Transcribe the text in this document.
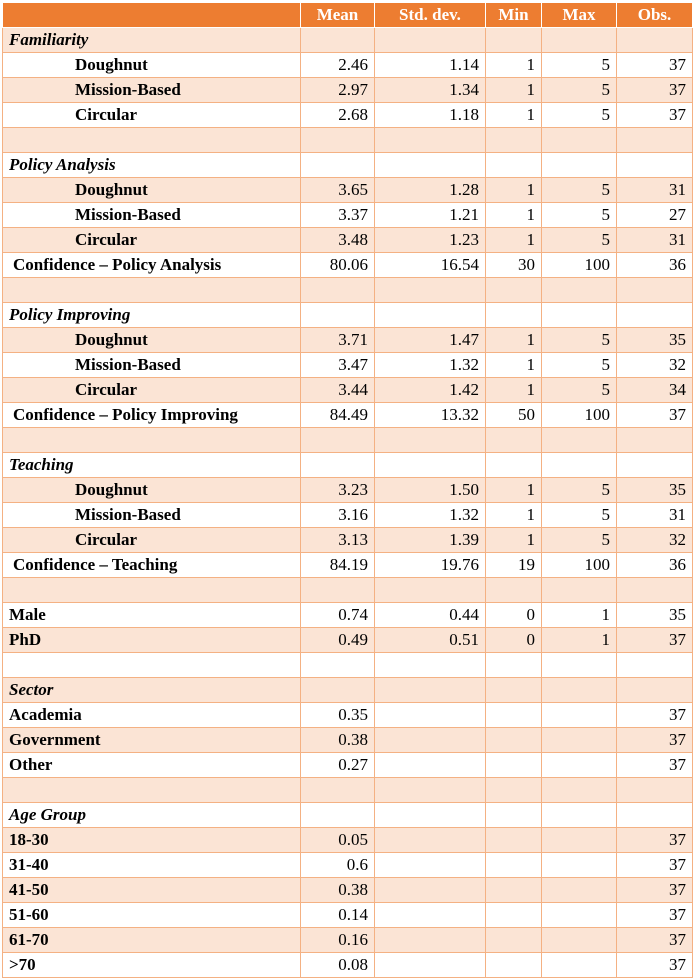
	Mean	Std. dev.	Min	Max	Obs.
Familiarity					
Doughnut	2.46	1.14	1	5	37
Mission-Based	2.97	1.34	1	5	37
Circular	2.68	1.18	1	5	37

Policy Analysis					
Doughnut	3.65	1.28	1	5	31
Mission-Based	3.37	1.21	1	5	27
Circular	3.48	1.23	1	5	31
Confidence – Policy Analysis	80.06	16.54	30	100	36

Policy Improving					
Doughnut	3.71	1.47	1	5	35
Mission-Based	3.47	1.32	1	5	32
Circular	3.44	1.42	1	5	34
Confidence – Policy Improving	84.49	13.32	50	100	37

Teaching					
Doughnut	3.23	1.50	1	5	35
Mission-Based	3.16	1.32	1	5	31
Circular	3.13	1.39	1	5	32
Confidence – Teaching	84.19	19.76	19	100	36

Male	0.74	0.44	0	1	35
PhD	0.49	0.51	0	1	37

Sector					
Academia	0.35				37
Government	0.38				37
Other	0.27				37

Age Group					
18-30	0.05				37
31-40	0.6				37
41-50	0.38				37
51-60	0.14				37
61-70	0.16				37
>70	0.08				37
